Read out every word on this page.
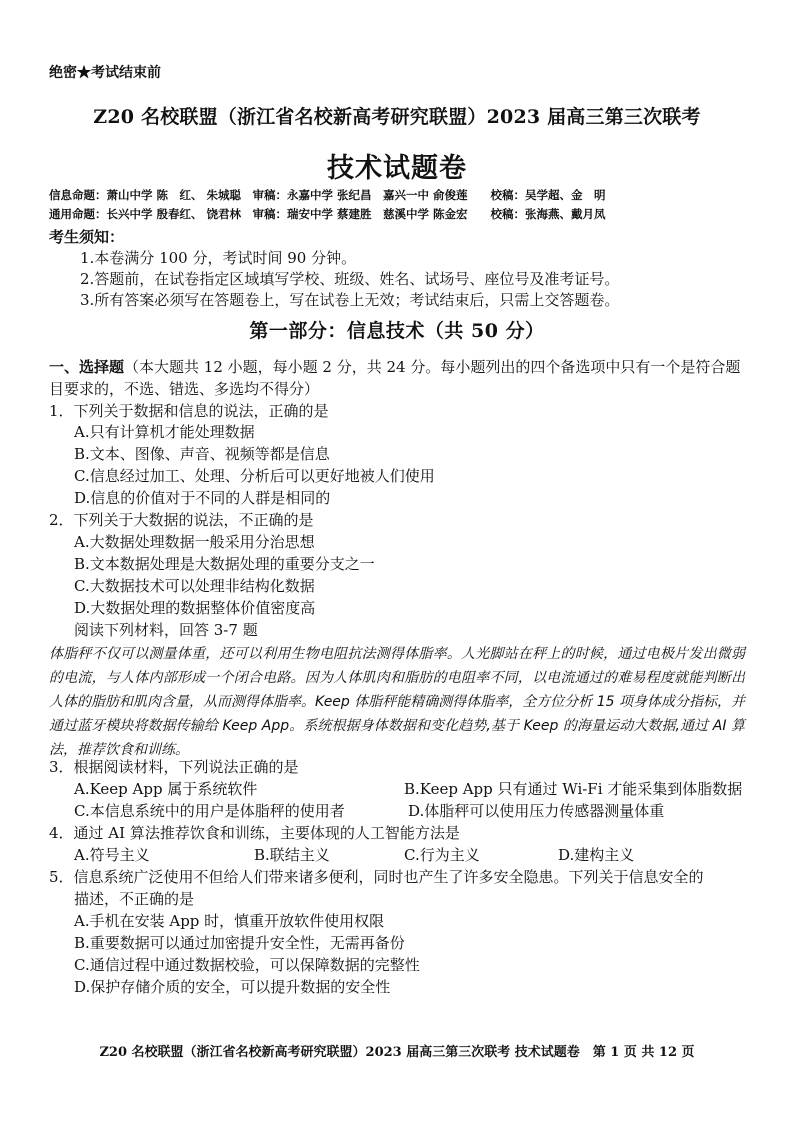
绝密★考试结束前
Z20 名校联盟（浙江省名校新高考研究联盟）2023 届高三第三次联考
技术试题卷
信息命题：萧山中学 陈　红、 朱城聪　审稿：永嘉中学 张纪昌　嘉兴一中 俞俊莲　　校稿：吴学超、金　明
通用命题：长兴中学 殷春红、 饶君林　审稿：瑞安中学 蔡建胜　慈溪中学 陈金宏　　校稿：张海燕、戴月凤
考生须知：
1.本卷满分 100 分，考试时间 90 分钟。
2.答题前，在试卷指定区域填写学校、班级、姓名、试场号、座位号及准考证号。
3.所有答案必须写在答题卷上，写在试卷上无效；考试结束后，只需上交答题卷。
第一部分：信息技术（共 50 分）
一、选择题（本大题共 12 小题，每小题 2 分，共 24 分。每小题列出的四个备选项中只有一个是符合题目要求的，不选、错选、多选均不得分）
1．下列关于数据和信息的说法，正确的是
A.只有计算机才能处理数据
B.文本、图像、声音、视频等都是信息
C.信息经过加工、处理、分析后可以更好地被人们使用
D.信息的价值对于不同的人群是相同的
2．下列关于大数据的说法，不正确的是
A.大数据处理数据一般采用分治思想
B.文本数据处理是大数据处理的重要分支之一
C.大数据技术可以处理非结构化数据
D.大数据处理的数据整体价值密度高
阅读下列材料，回答 3-7 题
体脂秤不仅可以测量体重，还可以利用生物电阻抗法测得体脂率。人光脚站在秤上的时候，通过电极片发出微弱的电流，与人体内部形成一个闭合电路。因为人体肌肉和脂肪的电阻率不同，以电流通过的难易程度就能判断出人体的脂肪和肌肉含量，从而测得体脂率。Keep 体脂秤能精确测得体脂率，全方位分析 15 项身体成分指标，并通过蓝牙模块将数据传输给 Keep App。系统根据身体数据和变化趋势,基于 Keep 的海量运动大数据,通过 AI 算法，推荐饮食和训练。
3．根据阅读材料，下列说法正确的是
A.Keep App 属于系统软件	B.Keep App 只有通过 Wi-Fi 才能采集到体脂数据
C.本信息系统中的用户是体脂秤的使用者	D.体脂秤可以使用压力传感器测量体重
4．通过 AI 算法推荐饮食和训练，主要体现的人工智能方法是
A.符号主义	B.联结主义	C.行为主义	D.建构主义
5．信息系统广泛使用不但给人们带来诸多便利，同时也产生了许多安全隐患。下列关于信息安全的
描述，不正确的是
A.手机在安装 App 时，慎重开放软件使用权限
B.重要数据可以通过加密提升安全性，无需再备份
C.通信过程中通过数据校验，可以保障数据的完整性
D.保护存储介质的安全，可以提升数据的安全性
Z20 名校联盟（浙江省名校新高考研究联盟）2023 届高三第三次联考 技术试题卷　第 1 页 共 12 页
